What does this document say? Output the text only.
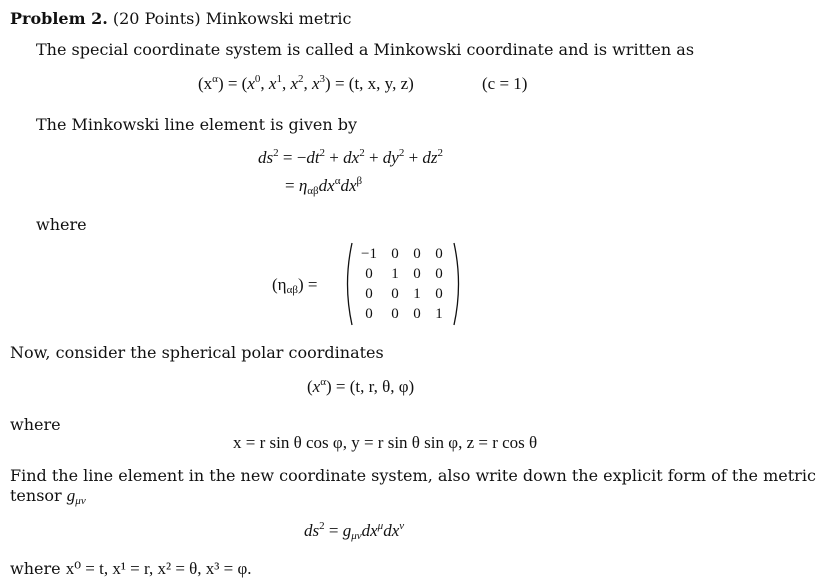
Problem 2. (20 Points) Minkowski metric
The special coordinate system is called a Minkowski coordinate and is written as
$(x^\alpha) = (x^0$, $x^1$, $x^2$, $x^3) = (t$, x, y, z)	(c = 1)
The Minkowski line element is given by
$ds^2 = -dt^2 + dx^2 + dy^2 + dz^2$
= $\eta_{\alpha\beta}dx^\alpha dx^\beta$
where
$(\eta_{\alpha\beta})$ =
−1 0 0 0
0	1 0 0
0	0 1 0
0	0 0 1
Now, consider the spherical polar coordinates
$(x^\alpha) = (t$, r, θ, φ)
where
x = r sin θ cos φ, y = r sin θ sin φ, z = r cos θ
Find the line element in the new coordinate system, also write down the explicit form of the metric
tensor $g_{\mu\nu}$
$ds^2 = g_{\mu\nu}dx^\mu dx^\nu$
where x⁰ = t, x¹ = r, x² = θ, x³ = φ.
